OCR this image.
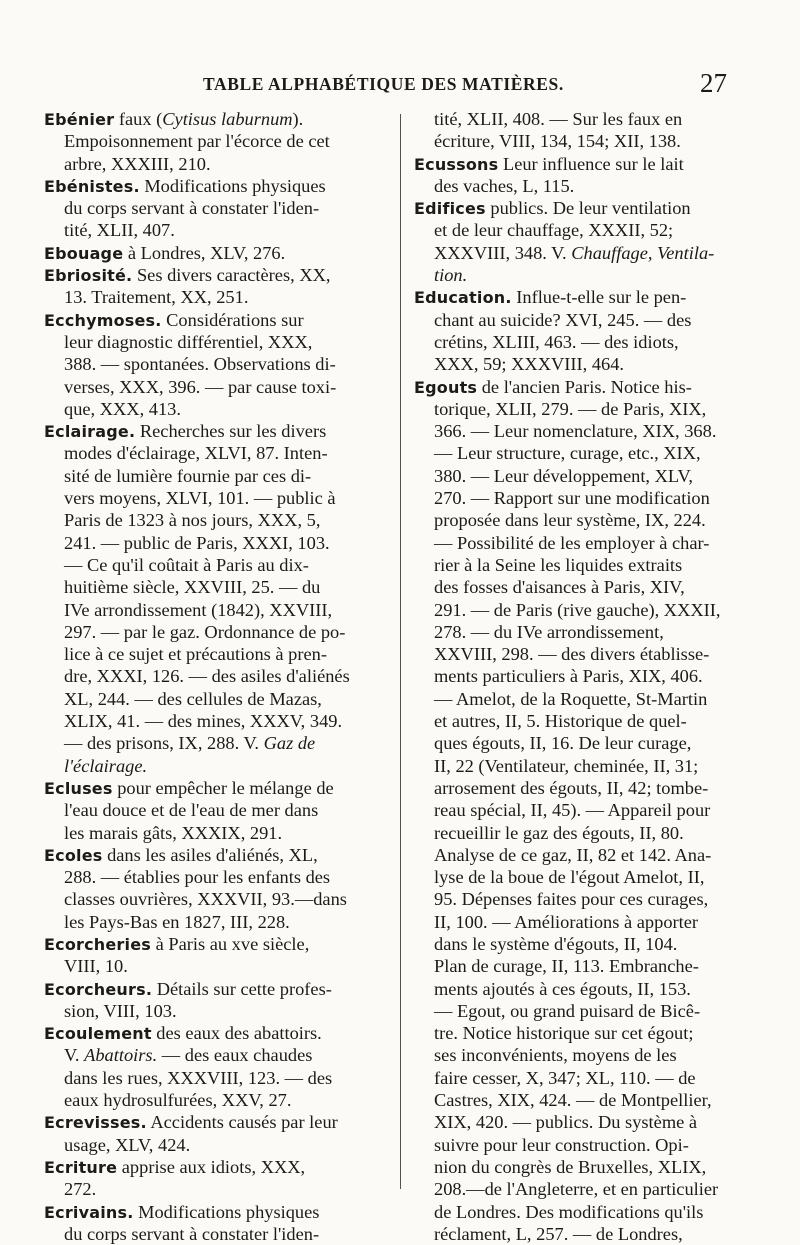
TABLE ALPHABÉTIQUE DES MATIÈRES.	27
Ebénier faux (Cytisus laburnum).
Empoisonnement par l'écorce de cet
arbre, XXXIII, 210.
Ebénistes. Modifications physiques
du corps servant à constater l'iden-
tité, XLII, 407.
Ebouage à Londres, XLV, 276.
Ebriosité. Ses divers caractères, XX,
13. Traitement, XX, 251.
Ecchymoses. Considérations sur
leur diagnostic différentiel, XXX,
388. — spontanées. Observations di-
verses, XXX, 396. — par cause toxi-
que, XXX, 413.
Eclairage. Recherches sur les divers
modes d'éclairage, XLVI, 87. Inten-
sité de lumière fournie par ces di-
vers moyens, XLVI, 101. — public à
Paris de 1323 à nos jours, XXX, 5,
241. — public de Paris, XXXI, 103.
— Ce qu'il coûtait à Paris au dix-
huitième siècle, XXVIII, 25. — du
IVe arrondissement (1842), XXVIII,
297. — par le gaz. Ordonnance de po-
lice à ce sujet et précautions à pren-
dre, XXXI, 126. — des asiles d'aliénés
XL, 244. — des cellules de Mazas,
XLIX, 41. — des mines, XXXV, 349.
— des prisons, IX, 288. V. Gaz de
l'éclairage.
Ecluses pour empêcher le mélange de
l'eau douce et de l'eau de mer dans
les marais gâts, XXXIX, 291.
Ecoles dans les asiles d'aliénés, XL,
288. — établies pour les enfants des
classes ouvrières, XXXVII, 93.—dans
les Pays-Bas en 1827, III, 228.
Ecorcheries à Paris au xve siècle,
VIII, 10.
Ecorcheurs. Détails sur cette profes-
sion, VIII, 103.
Ecoulement des eaux des abattoirs.
V. Abattoirs. — des eaux chaudes
dans les rues, XXXVIII, 123. — des
eaux hydrosulfurées, XXV, 27.
Ecrevisses. Accidents causés par leur
usage, XLV, 424.
Ecriture apprise aux idiots, XXX,
272.
Ecrivains. Modifications physiques
du corps servant à constater l'iden-
tité, XLII, 408. — Sur les faux en
écriture, VIII, 134, 154; XII, 138.
Ecussons Leur influence sur le lait
des vaches, L, 115.
Edifices publics. De leur ventilation
et de leur chauffage, XXXII, 52;
XXXVIII, 348. V. Chauffage, Ventila-
tion.
Education. Influe-t-elle sur le pen-
chant au suicide? XVI, 245. — des
crétins, XLIII, 463. — des idiots,
XXX, 59; XXXVIII, 464.
Egouts de l'ancien Paris. Notice his-
torique, XLII, 279. — de Paris, XIX,
366. — Leur nomenclature, XIX, 368.
— Leur structure, curage, etc., XIX,
380. — Leur développement, XLV,
270. — Rapport sur une modification
proposée dans leur système, IX, 224.
— Possibilité de les employer à char-
rier à la Seine les liquides extraits
des fosses d'aisances à Paris, XIV,
291. — de Paris (rive gauche), XXXII,
278. — du IVe arrondissement,
XXVIII, 298. — des divers établisse-
ments particuliers à Paris, XIX, 406.
— Amelot, de la Roquette, St-Martin
et autres, II, 5. Historique de quel-
ques égouts, II, 16. De leur curage,
II, 22 (Ventilateur, cheminée, II, 31;
arrosement des égouts, II, 42; tombe-
reau spécial, II, 45). — Appareil pour
recueillir le gaz des égouts, II, 80.
Analyse de ce gaz, II, 82 et 142. Ana-
lyse de la boue de l'égout Amelot, II,
95. Dépenses faites pour ces curages,
II, 100. — Améliorations à apporter
dans le système d'égouts, II, 104.
Plan de curage, II, 113. Embranche-
ments ajoutés à ces égouts, II, 153.
— Egout, ou grand puisard de Bicê-
tre. Notice historique sur cet égout;
ses inconvénients, moyens de les
faire cesser, X, 347; XL, 110. — de
Castres, XIX, 424. — de Montpellier,
XIX, 420. — publics. Du système à
suivre pour leur construction. Opi-
nion du congrès de Bruxelles, XLIX,
208.—de l'Angleterre, et en particulier
de Londres. Des modifications qu'ils
réclament, L, 257. — de Londres,
